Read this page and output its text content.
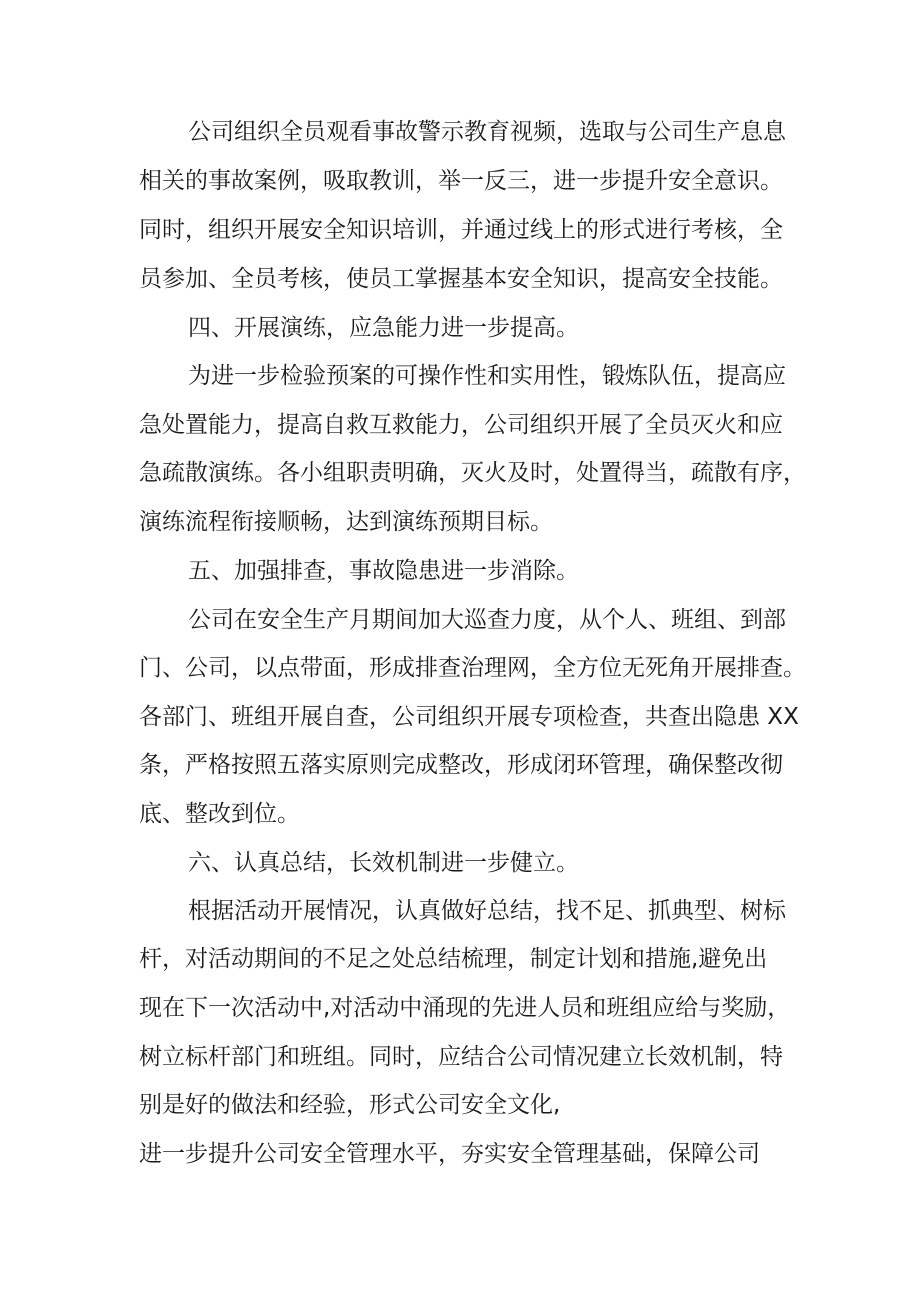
公司组织全员观看事故警示教育视频，选取与公司生产息息
相关的事故案例，吸取教训，举一反三，进一步提升安全意识。
同时，组织开展安全知识培训，并通过线上的形式进行考核，全
员参加、全员考核，使员工掌握基本安全知识，提高安全技能。
四、开展演练，应急能力进一步提高。
为进一步检验预案的可操作性和实用性，锻炼队伍，提高应
急处置能力，提高自救互救能力，公司组织开展了全员灭火和应
急疏散演练。各小组职责明确，灭火及时，处置得当，疏散有序，
演练流程衔接顺畅，达到演练预期目标。
五、加强排查，事故隐患进一步消除。
公司在安全生产月期间加大巡查力度，从个人、班组、到部
门、公司，以点带面，形成排查治理网，全方位无死角开展排查。
各部门、班组开展自查，公司组织开展专项检查，共查出隐患 XX
条，严格按照五落实原则完成整改，形成闭环管理，确保整改彻
底、整改到位。
六、认真总结，长效机制进一步健立。
根据活动开展情况，认真做好总结，找不足、抓典型、树标
杆，对活动期间的不足之处总结梳理，制定计划和措施,避免出
现在下一次活动中,对活动中涌现的先进人员和班组应给与奖励，
树立标杆部门和班组。同时，应结合公司情况建立长效机制，特
别是好的做法和经验，形式公司安全文化,
进一步提升公司安全管理水平，夯实安全管理基础，保障公司
